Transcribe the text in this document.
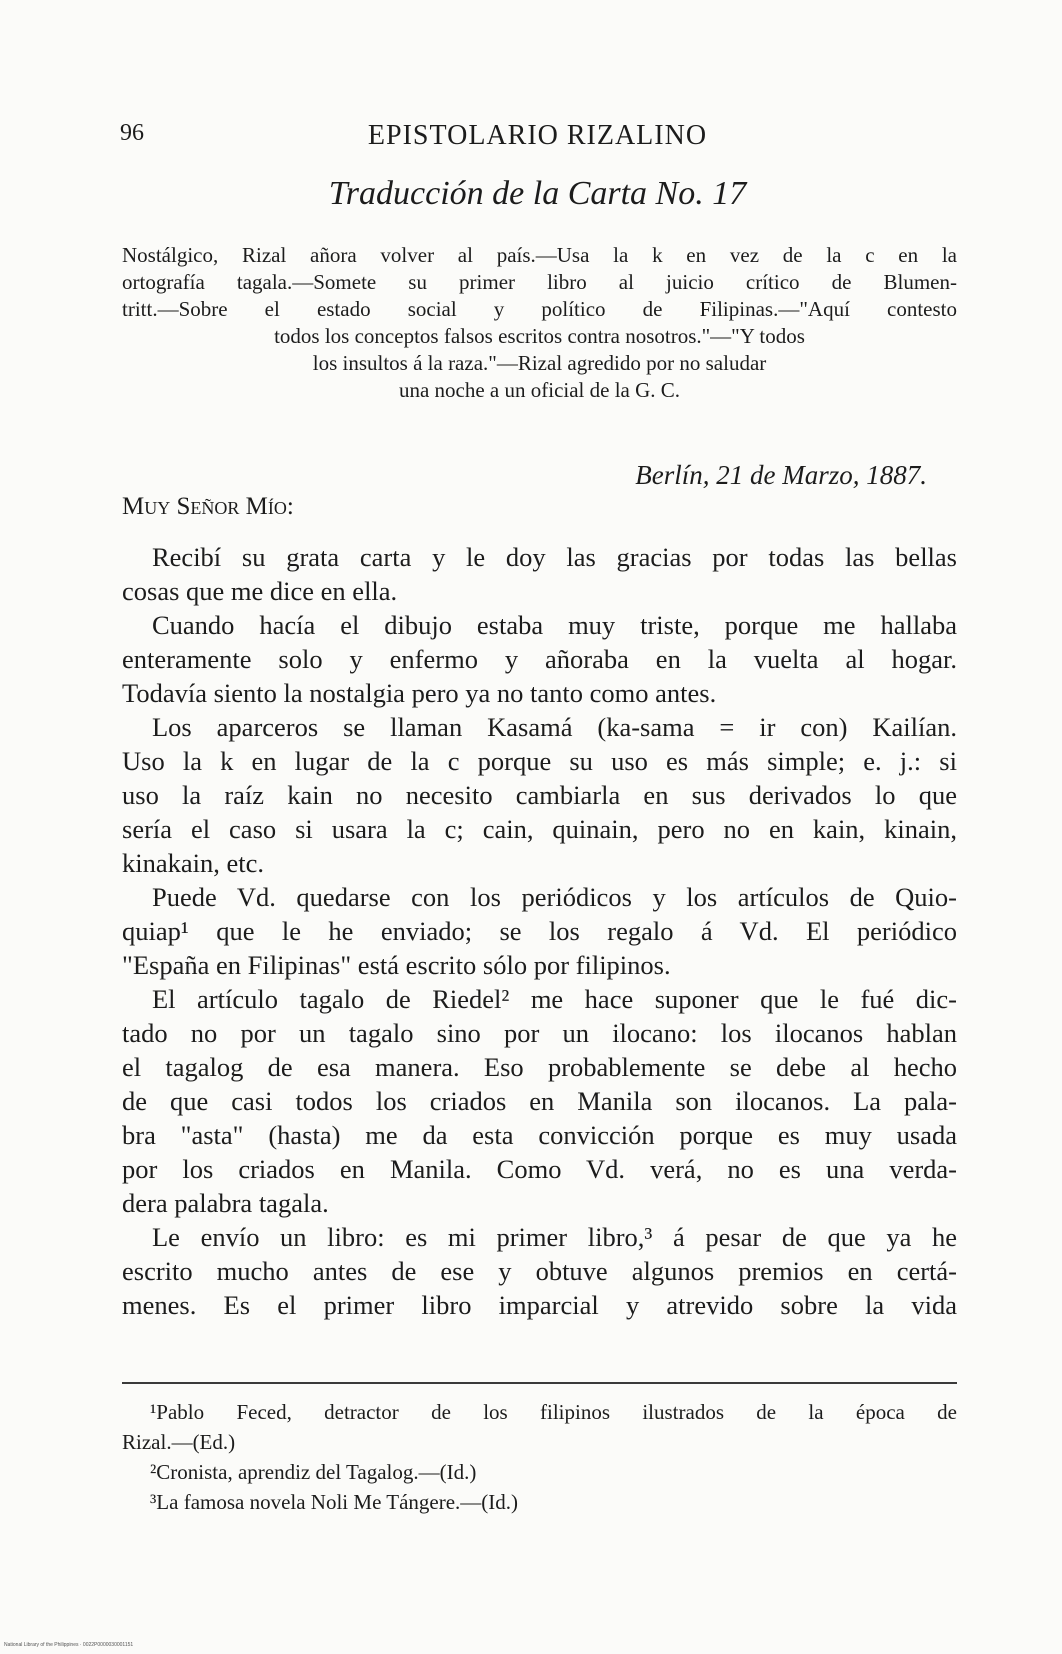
96	EPISTOLARIO RIZALINO
Traducción de la Carta No. 17
Nostálgico, Rizal añora volver al país.—Usa la k en vez de la c en la
ortografía tagala.—Somete su primer libro al juicio crítico de Blumen-
tritt.—Sobre el estado social y político de Filipinas.—"Aquí contesto
todos los conceptos falsos escritos contra nosotros."—"Y todos
los insultos á la raza."—Rizal agredido por no saludar
una noche a un oficial de la G. C.
Berlín, 21 de Marzo, 1887.
Muy Señor Mío:
Recibí su grata carta y le doy las gracias por todas las bellas
cosas que me dice en ella.
Cuando hacía el dibujo estaba muy triste, porque me hallaba
enteramente solo y enfermo y añoraba en la vuelta al hogar.
Todavía siento la nostalgia pero ya no tanto como antes.
Los aparceros se llaman Kasamá (ka-sama = ir con) Kailían.
Uso la k en lugar de la c porque su uso es más simple; e. j.: si
uso la raíz kain no necesito cambiarla en sus derivados lo que
sería el caso si usara la c; cain, quinain, pero no en kain, kinain,
kinakain, etc.
Puede Vd. quedarse con los periódicos y los artículos de Quio-
quiap¹ que le he enviado; se los regalo á Vd. El periódico
"España en Filipinas" está escrito sólo por filipinos.
El artículo tagalo de Riedel² me hace suponer que le fué dic-
tado no por un tagalo sino por un ilocano: los ilocanos hablan
el tagalog de esa manera. Eso probablemente se debe al hecho
de que casi todos los criados en Manila son ilocanos. La pala-
bra "asta" (hasta) me da esta convicción porque es muy usada
por los criados en Manila. Como Vd. verá, no es una verda-
dera palabra tagala.
Le envío un libro: es mi primer libro,³ á pesar de que ya he
escrito mucho antes de ese y obtuve algunos premios en certá-
menes. Es el primer libro imparcial y atrevido sobre la vida
¹Pablo Feced, detractor de los filipinos ilustrados de la época de
Rizal.—(Ed.)
²Cronista, aprendiz del Tagalog.—(Id.)
³La famosa novela Noli Me Tángere.—(Id.)
National Library of the Philippines · 0022P0000030001151
